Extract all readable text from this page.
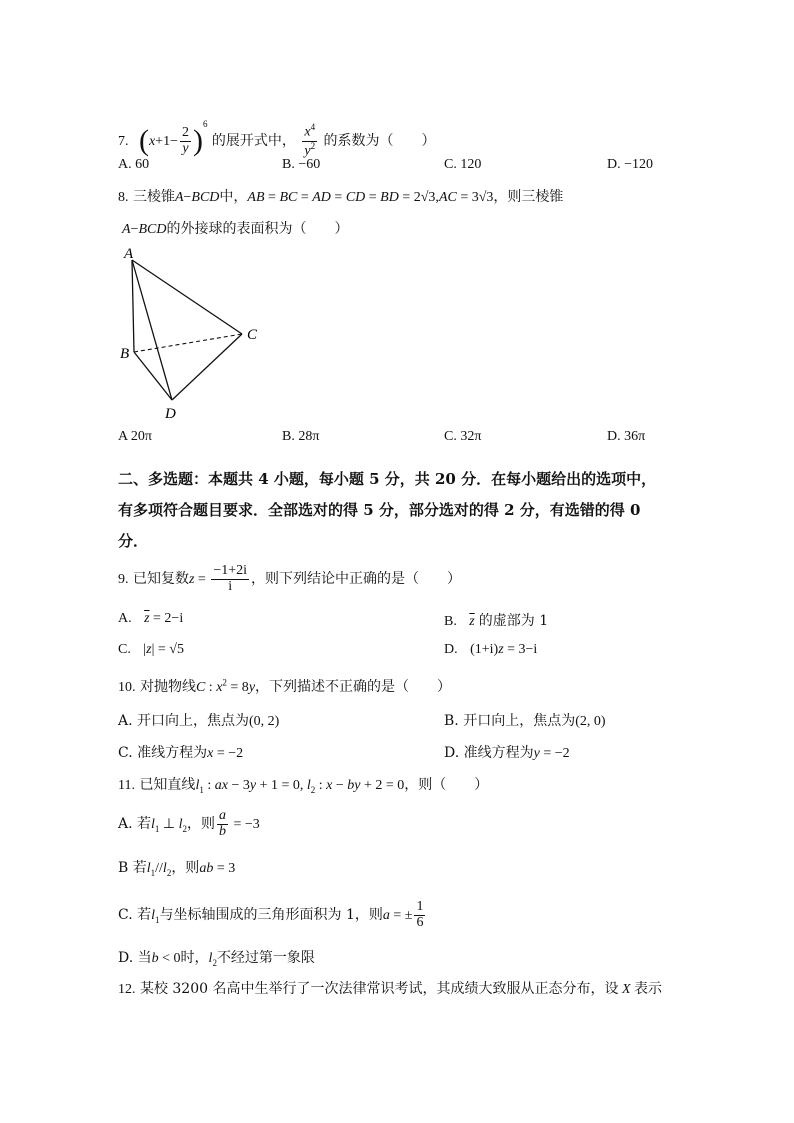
7. $(x+1- \frac{2}{y} )^6$ 的展开式中， $\frac{x^4}{y^2}$ 的系数为（　　）
A. 60	B. −60	C. 120	D. −120
8. 三棱锥A−BCD中，AB = BC = AD = CD = BD = 2√3,AC = 3√3，则三棱锥
A−BCD的外接球的表面积为（　　）
A
B
C
D
A 20π	B. 28π	C. 32π	D. 36π
二、多选题：本题共 4 小题，每小题 5 分，共 20 分．在每小题给出的选项中，
有多项符合题目要求．全部选对的得 5 分，部分选对的得 2 分，有选错的得 0
分．
9. 已知复数$z = \frac{-1+2i}{i}$ ，则下列结论中正确的是（　　）
A. $\overline{z} = 2-i$	B. $\overline{z}$ 的虚部为 1
C. |z| = √5	D. (1+i)z = 3−i
10. 对抛物线C : $x^2 = 8y$，下列描述不正确的是（　　）
A. 开口向上，焦点为(0, 2)	B. 开口向上，焦点为(2, 0)
C. 准线方程为x = −2	D. 准线方程为y = −2
11. 已知直线$l_1$ : ax − 3y + 1 = 0, $l_2$ : x − by + 2 = 0，则（　　）
A. 若$l_1$ ⊥ $l_2$，则 $\frac{a}{b} = -3$
B 若$l_1//l_2$，则ab = 3
C. 若$l_1$与坐标轴围成的三角形面积为 1，则a = ± $\frac{1}{6}$
D. 当b < 0时，$l_2$不经过第一象限
12. 某校 3200 名高中生举行了一次法律常识考试，其成绩大致服从正态分布，设 X 表示
